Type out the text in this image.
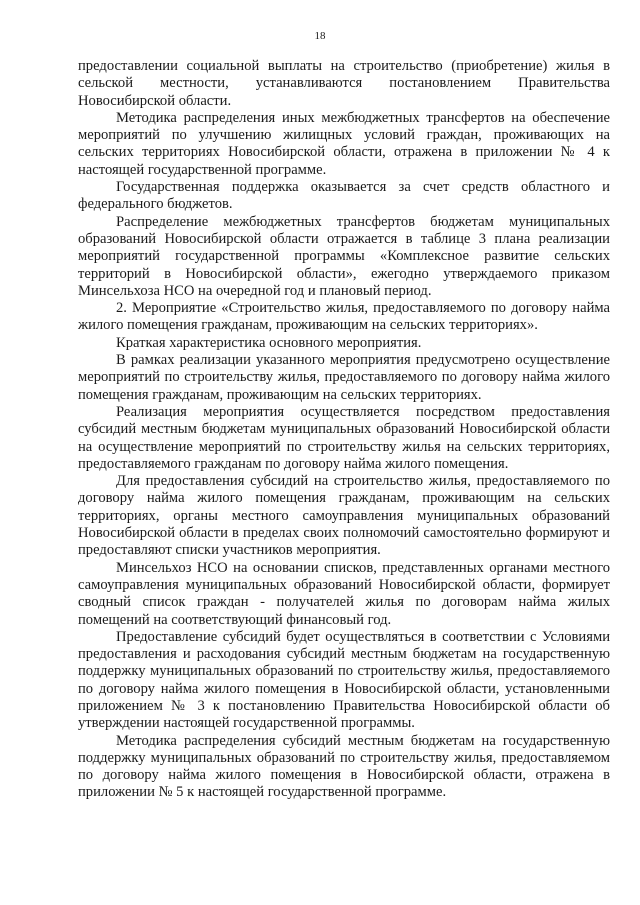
18

предоставлении социальной выплаты на строительство (приобретение) жилья в сельской местности, устанавливаются постановлением Правительства Новосибирской области.

Методика распределения иных межбюджетных трансфертов на обеспечение мероприятий по улучшению жилищных условий граждан, проживающих на сельских территориях Новосибирской области, отражена в приложении № 4 к настоящей государственной программе.

Государственная поддержка оказывается за счет средств областного и федерального бюджетов.

Распределение межбюджетных трансфертов бюджетам муниципальных образований Новосибирской области отражается в таблице 3 плана реализации мероприятий государственной программы «Комплексное развитие сельских территорий в Новосибирской области», ежегодно утверждаемого приказом Минсельхоза НСО на очередной год и плановый период.

2. Мероприятие «Строительство жилья, предоставляемого по договору найма жилого помещения гражданам, проживающим на сельских территориях».

Краткая характеристика основного мероприятия.

В рамках реализации указанного мероприятия предусмотрено осуществление мероприятий по строительству жилья, предоставляемого по договору найма жилого помещения гражданам, проживающим на сельских территориях.

Реализация мероприятия осуществляется посредством предоставления субсидий местным бюджетам муниципальных образований Новосибирской области на осуществление мероприятий по строительству жилья на сельских территориях, предоставляемого гражданам по договору найма жилого помещения.

Для предоставления субсидий на строительство жилья, предоставляемого по договору найма жилого помещения гражданам, проживающим на сельских территориях, органы местного самоуправления муниципальных образований Новосибирской области в пределах своих полномочий самостоятельно формируют и предоставляют списки участников мероприятия.

Минсельхоз НСО на основании списков, представленных органами местного самоуправления муниципальных образований Новосибирской области, формирует сводный список граждан - получателей жилья по договорам найма жилых помещений на соответствующий финансовый год.

Предоставление субсидий будет осуществляться в соответствии с Условиями предоставления и расходования субсидий местным бюджетам на государственную поддержку муниципальных образований по строительству жилья, предоставляемого по договору найма жилого помещения в Новосибирской области, установленными приложением № 3 к постановлению Правительства Новосибирской области об утверждении настоящей государственной программы.

Методика распределения субсидий местным бюджетам на государственную поддержку муниципальных образований по строительству жилья, предоставляемом по договору найма жилого помещения в Новосибирской области, отражена в приложении № 5 к настоящей государственной программе.
